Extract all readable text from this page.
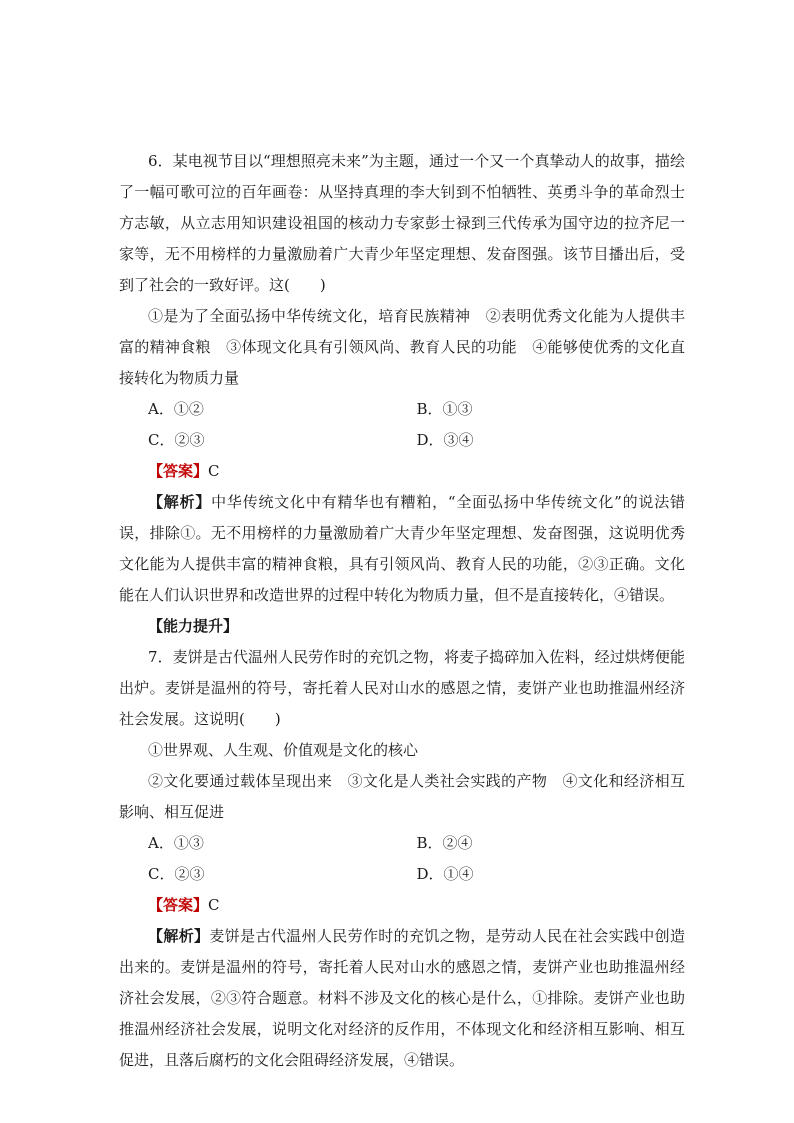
6．某电视节目以“理想照亮未来”为主题，通过一个又一个真挚动人的故事，描绘了一幅可歌可泣的百年画卷：从坚持真理的李大钊到不怕牺牲、英勇斗争的革命烈士方志敏，从立志用知识建设祖国的核动力专家彭士禄到三代传承为国守边的拉齐尼一家等，无不用榜样的力量激励着广大青少年坚定理想、发奋图强。该节目播出后，受到了社会的一致好评。这(　　)

①是为了全面弘扬中华传统文化，培育民族精神　②表明优秀文化能为人提供丰富的精神食粮　③体现文化具有引领风尚、教育人民的功能　④能够使优秀的文化直接转化为物质力量

A．①②	B．①③
C．②③	D．③④

【答案】C

【解析】中华传统文化中有精华也有糟粕，“全面弘扬中华传统文化”的说法错误，排除①。无不用榜样的力量激励着广大青少年坚定理想、发奋图强，这说明优秀文化能为人提供丰富的精神食粮，具有引领风尚、教育人民的功能，②③正确。文化能在人们认识世界和改造世界的过程中转化为物质力量，但不是直接转化，④错误。

【能力提升】

7．麦饼是古代温州人民劳作时的充饥之物，将麦子捣碎加入佐料，经过烘烤便能出炉。麦饼是温州的符号，寄托着人民对山水的感恩之情，麦饼产业也助推温州经济社会发展。这说明(　　)

①世界观、人生观、价值观是文化的核心

②文化要通过载体呈现出来　③文化是人类社会实践的产物　④文化和经济相互影响、相互促进

A．①③	B．②④
C．②③	D．①④

【答案】C

【解析】麦饼是古代温州人民劳作时的充饥之物，是劳动人民在社会实践中创造出来的。麦饼是温州的符号，寄托着人民对山水的感恩之情，麦饼产业也助推温州经济社会发展，②③符合题意。材料不涉及文化的核心是什么，①排除。麦饼产业也助推温州经济社会发展，说明文化对经济的反作用，不体现文化和经济相互影响、相互促进，且落后腐朽的文化会阻碍经济发展，④错误。
